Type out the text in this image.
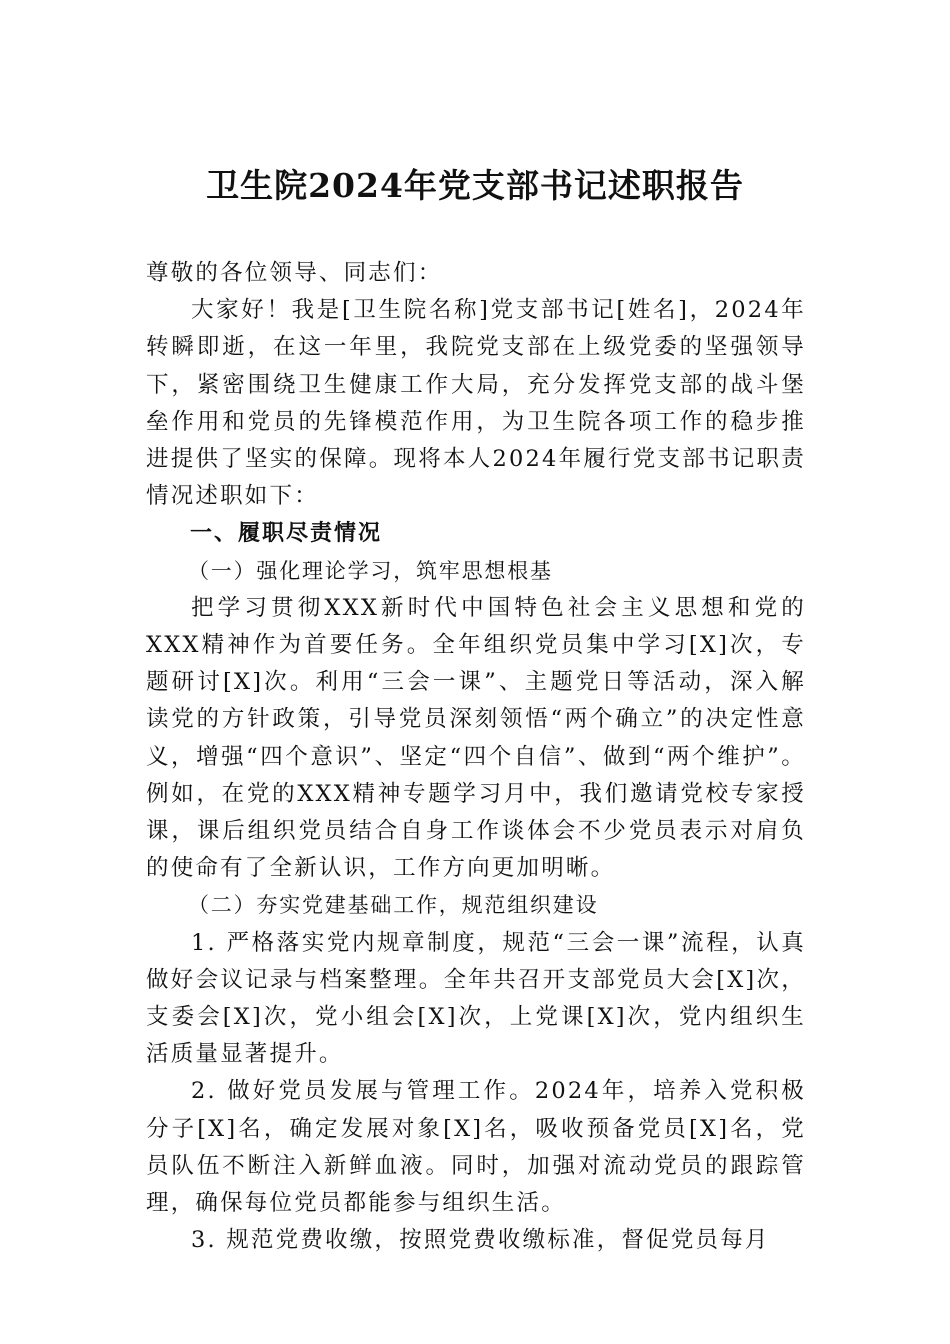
卫生院2024年党支部书记述职报告

尊敬的各位领导、同志们：

大家好！我是[卫生院名称]党支部书记[姓名]，2024年转瞬即逝，在这一年里，我院党支部在上级党委的坚强领导下，紧密围绕卫生健康工作大局，充分发挥党支部的战斗堡垒作用和党员的先锋模范作用，为卫生院各项工作的稳步推进提供了坚实的保障。现将本人2024年履行党支部书记职责情况述职如下：

一、履职尽责情况

（一）强化理论学习，筑牢思想根基

把学习贯彻XXX新时代中国特色社会主义思想和党的XXX精神作为首要任务。全年组织党员集中学习[X]次，专题研讨[X]次。利用“三会一课”、主题党日等活动，深入解读党的方针政策，引导党员深刻领悟“两个确立”的决定性意义，增强“四个意识”、坚定“四个自信”、做到“两个维护”。例如，在党的XXX精神专题学习月中，我们邀请党校专家授课，课后组织党员结合自身工作谈体会不少党员表示对肩负的使命有了全新认识，工作方向更加明晰。

（二）夯实党建基础工作，规范组织建设

1. 严格落实党内规章制度，规范“三会一课”流程，认真做好会议记录与档案整理。全年共召开支部党员大会[X]次，支委会[X]次，党小组会[X]次，上党课[X]次，党内组织生活质量显著提升。

2. 做好党员发展与管理工作。2024年，培养入党积极分子[X]名，确定发展对象[X]名，吸收预备党员[X]名，党员队伍不断注入新鲜血液。同时，加强对流动党员的跟踪管理，确保每位党员都能参与组织生活。

3. 规范党费收缴，按照党费收缴标准，督促党员每月
